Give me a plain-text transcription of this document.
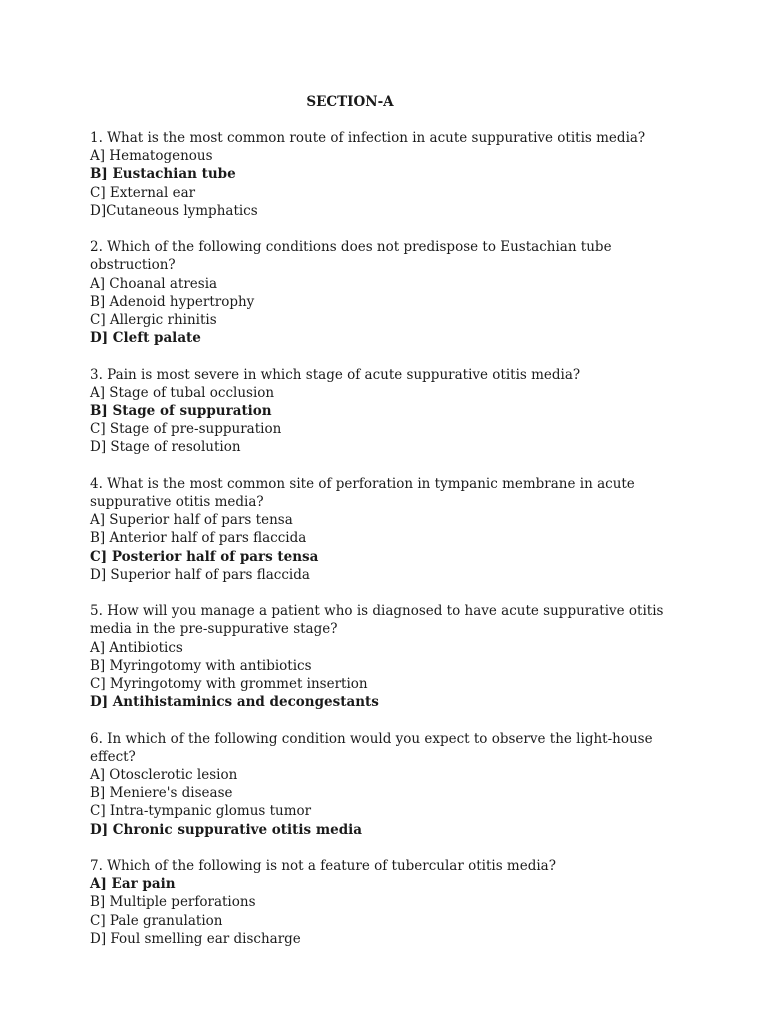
SECTION-A
1. What is the most common route of infection in acute suppurative otitis media?
A] Hematogenous
B] Eustachian tube
C] External ear
D]Cutaneous lymphatics
2. Which of the following conditions does not predispose to Eustachian tube obstruction?
A] Choanal atresia
B] Adenoid hypertrophy
C] Allergic rhinitis
D] Cleft palate
3. Pain is most severe in which stage of acute suppurative otitis media?
A] Stage of tubal occlusion
B] Stage of suppuration
C] Stage of pre-suppuration
D] Stage of resolution
4. What is the most common site of perforation in tympanic membrane in acute suppurative otitis media?
A] Superior half of pars tensa
B] Anterior half of pars flaccida
C] Posterior half of pars tensa
D] Superior half of pars flaccida
5. How will you manage a patient who is diagnosed to have acute suppurative otitis media in the pre-suppurative stage?
A] Antibiotics
B] Myringotomy with antibiotics
C] Myringotomy with grommet insertion
D] Antihistaminics and decongestants
6. In which of the following condition would you expect to observe the light-house effect?
A] Otosclerotic lesion
B] Meniere's disease
C] Intra-tympanic glomus tumor
D] Chronic suppurative otitis media
7. Which of the following is not a feature of tubercular otitis media?
A] Ear pain
B] Multiple perforations
C] Pale granulation
D] Foul smelling ear discharge
